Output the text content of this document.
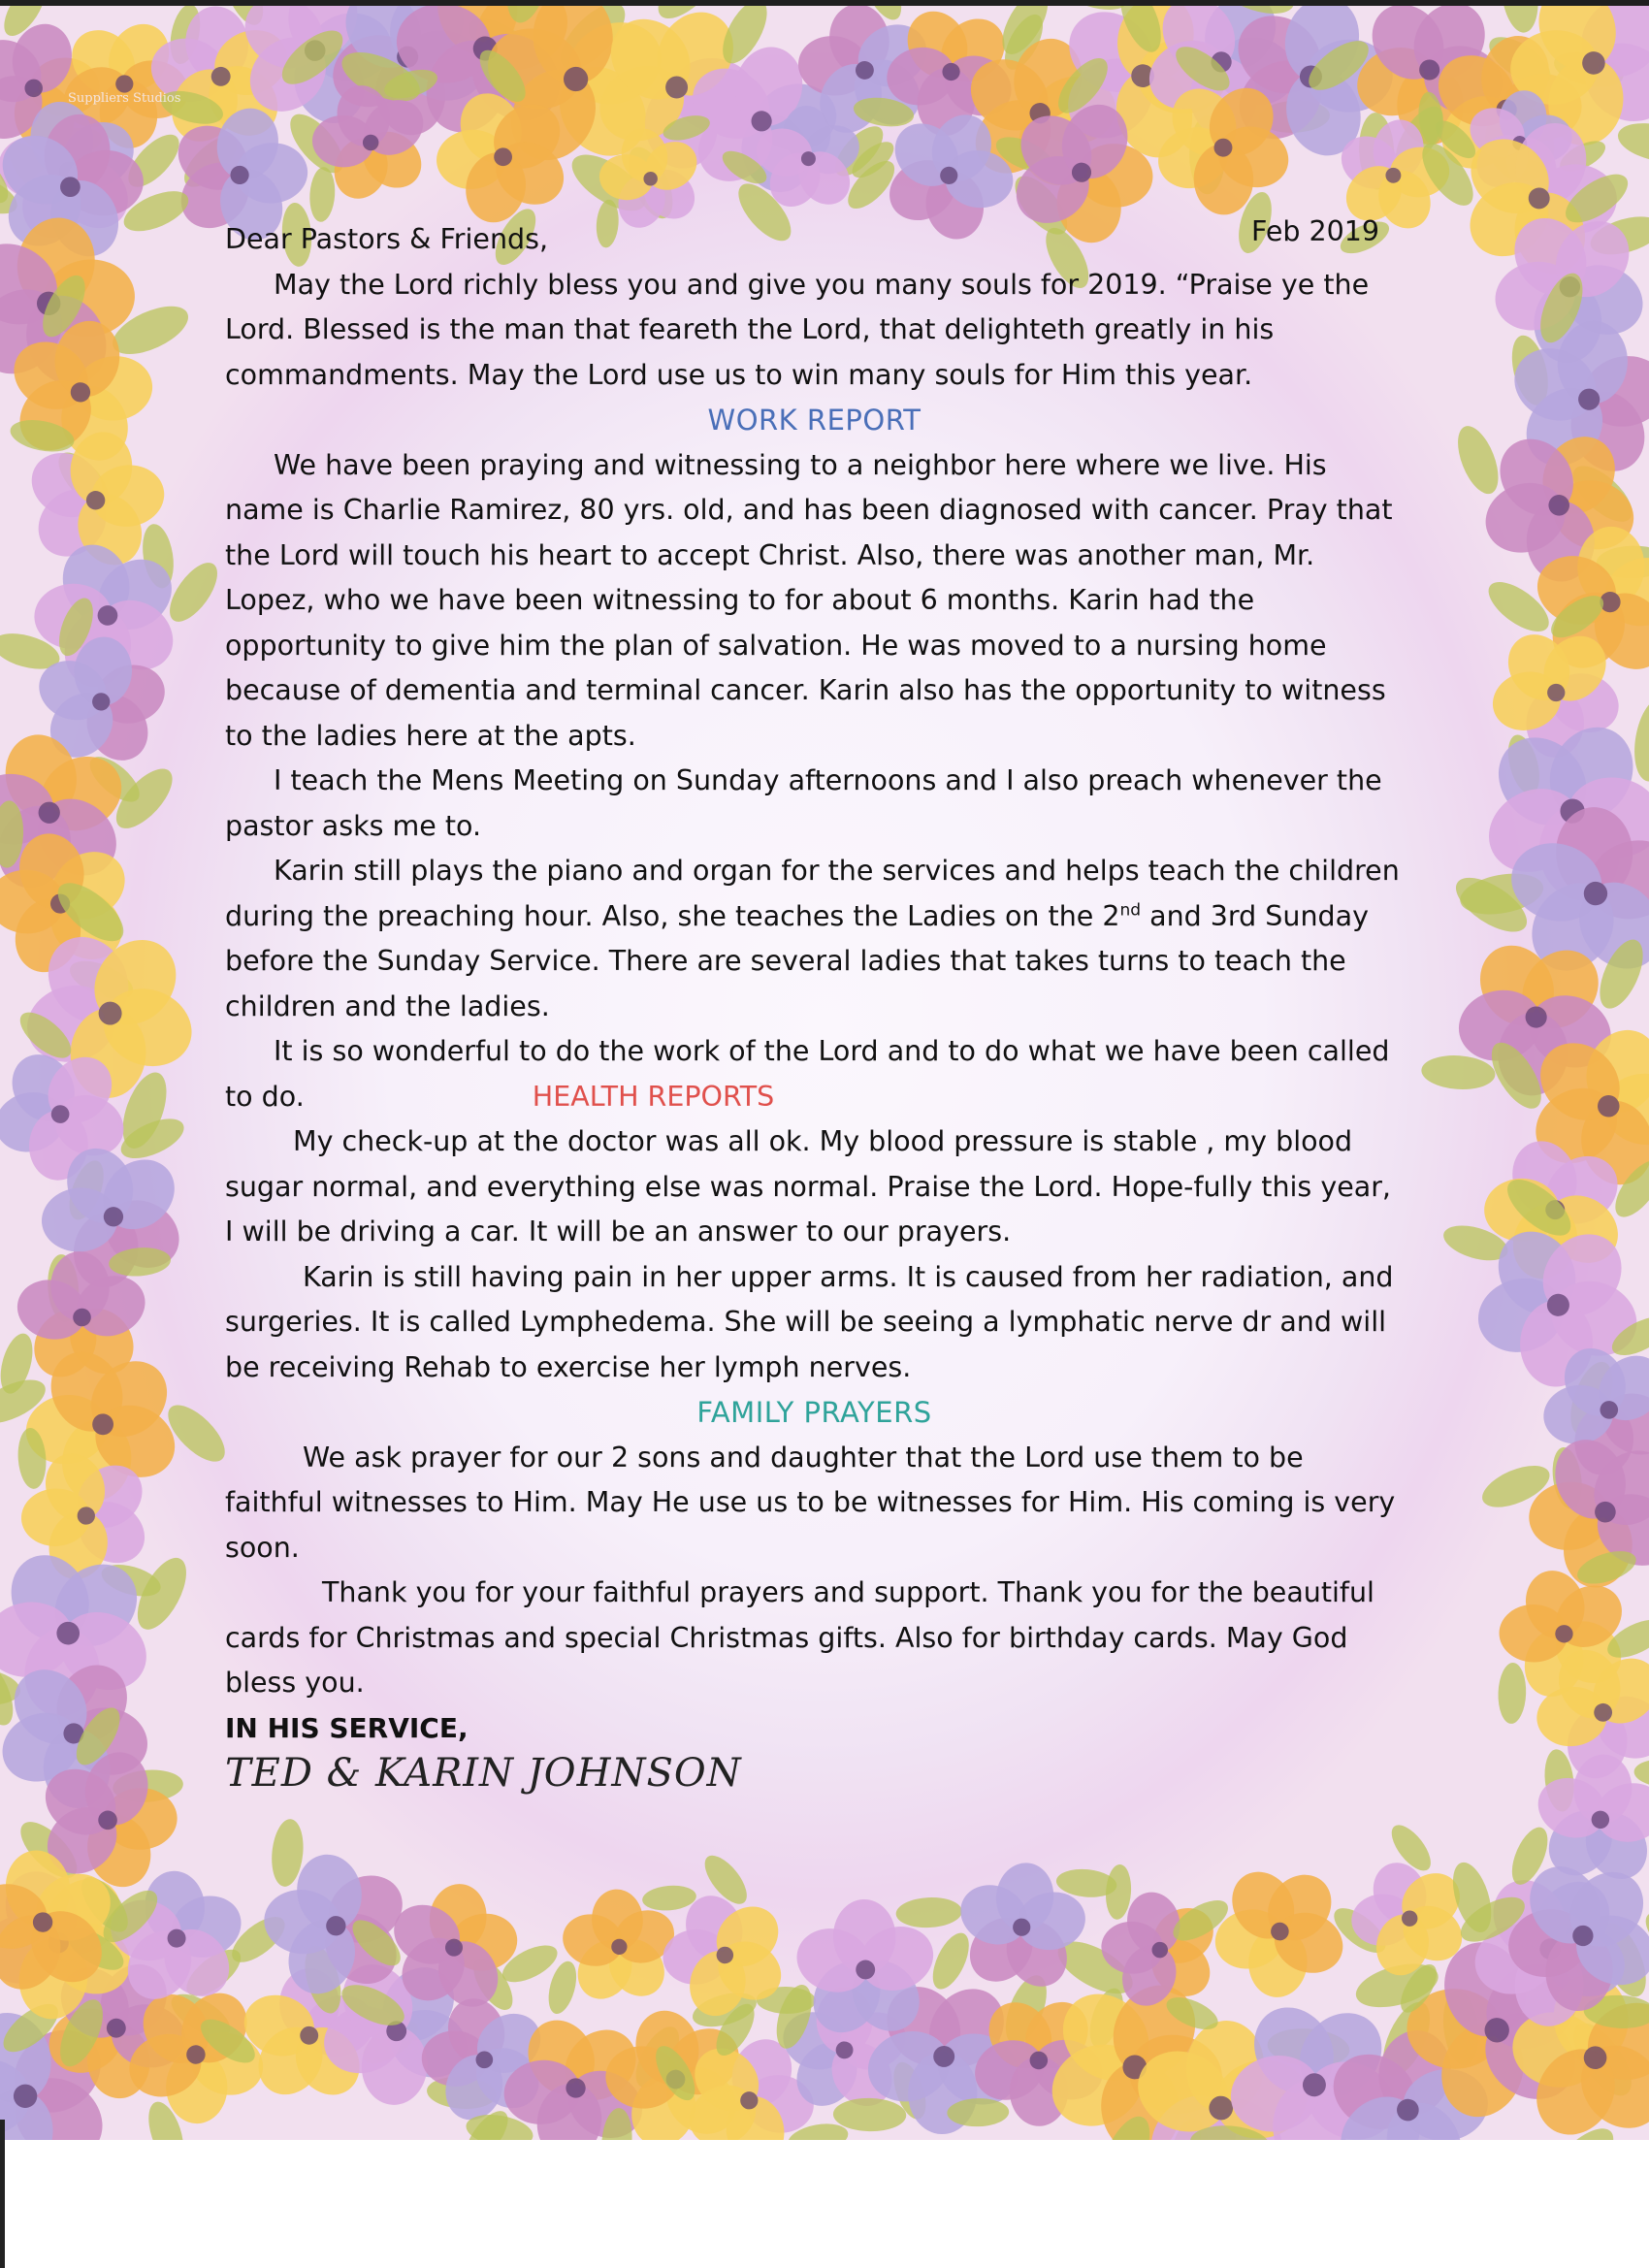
Suppliers Studios
Feb 2019

Dear Pastors & Friends,

May the Lord richly bless you and give you many souls for 2019. “Praise ye the Lord. Blessed is the man that feareth the Lord, that delighteth greatly in his commandments. May the Lord use us to win many souls for Him this year.

WORK REPORT

We have been praying and witnessing to a neighbor here where we live. His name is Charlie Ramirez, 80 yrs. old, and has been diagnosed with cancer. Pray that the Lord will touch his heart to accept Christ. Also, there was another man, Mr. Lopez, who we have been witnessing to for about 6 months. Karin had the opportunity to give him the plan of salvation. He was moved to a nursing home because of dementia and terminal cancer. Karin also has the opportunity to witness to the ladies here at the apts.

I teach the Mens Meeting on Sunday afternoons and I also preach whenever the pastor asks me to.

Karin still plays the piano and organ for the services and helps teach the children during the preaching hour. Also, she teaches the Ladies on the 2nd and 3rd Sunday before the Sunday Service. There are several ladies that takes turns to teach the children and the ladies.

It is so wonderful to do the work of the Lord and to do what we have been called to do.	HEALTH REPORTS

My check-up at the doctor was all ok. My blood pressure is stable , my blood sugar normal, and everything else was normal. Praise the Lord. Hope-fully this year, I will be driving a car. It will be an answer to our prayers.

Karin is still having pain in her upper arms. It is caused from her radiation, and surgeries. It is called Lymphedema. She will be seeing a lymphatic nerve dr and will be receiving Rehab to exercise her lymph nerves.

FAMILY PRAYERS

We ask prayer for our 2 sons and daughter that the Lord use them to be faithful witnesses to Him. May He use us to be witnesses for Him. His coming is very soon.

Thank you for your faithful prayers and support. Thank you for the beautiful cards for Christmas and special Christmas gifts. Also for birthday cards. May God bless you.

IN HIS SERVICE,

TED & KARIN JOHNSON
